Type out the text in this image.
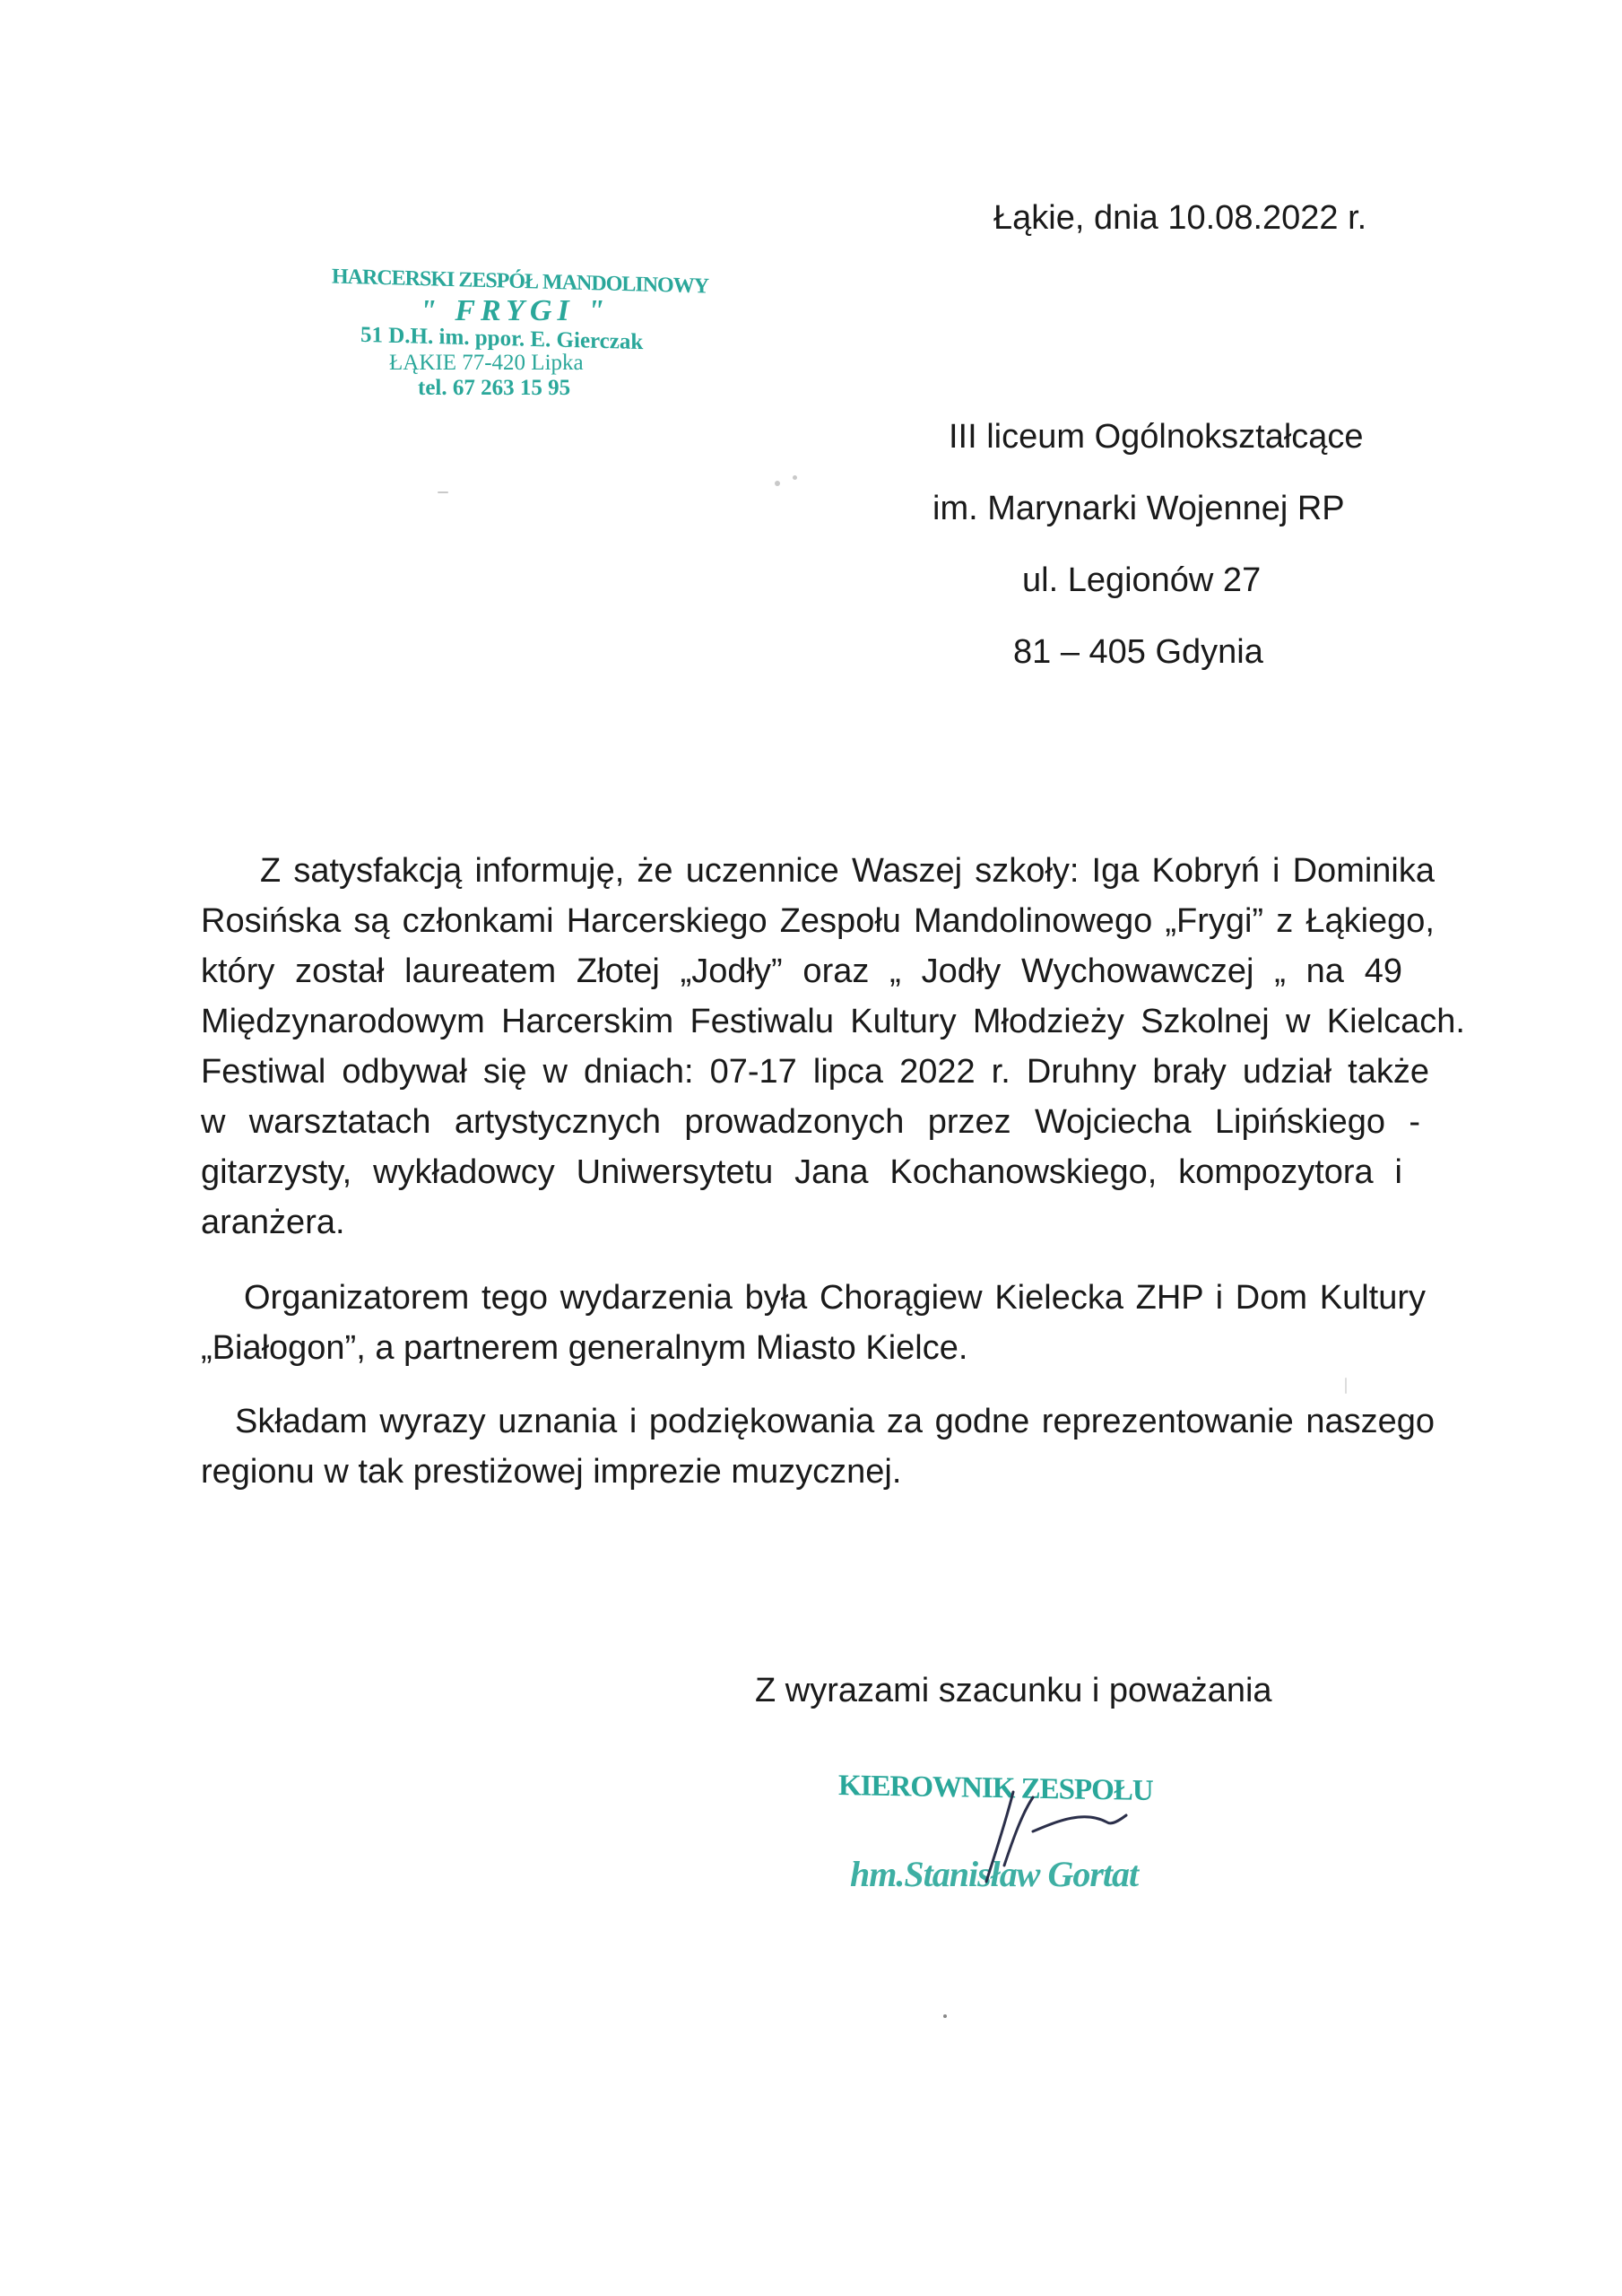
Łąkie, dnia 10.08.2022 r.
HARCERSKI ZESPÓŁ MANDOLINOWY
" FRYGI "
51 D.H. im. ppor. E. Gierczak
ŁĄKIE 77-420 Lipka
tel. 67 263 15 95
III liceum Ogólnokształcące
im. Marynarki Wojennej RP
ul. Legionów 27
81 – 405 Gdynia
Z satysfakcją informuję, że uczennice Waszej szkoły: Iga Kobryń i Dominika
Rosińska są członkami Harcerskiego Zespołu Mandolinowego „Frygi” z Łąkiego,
który został laureatem Złotej „Jodły” oraz „ Jodły Wychowawczej „ na 49
Międzynarodowym Harcerskim Festiwalu Kultury Młodzieży Szkolnej w Kielcach.
Festiwal odbywał się w dniach: 07-17 lipca 2022 r. Druhny brały udział także
w warsztatach artystycznych prowadzonych przez Wojciecha Lipińskiego -
gitarzysty, wykładowcy Uniwersytetu Jana Kochanowskiego, kompozytora i
aranżera.
Organizatorem tego wydarzenia była Chorągiew Kielecka ZHP i Dom Kultury
„Białogon”, a partnerem generalnym Miasto Kielce.
Składam wyrazy uznania i podziękowania za godne reprezentowanie naszego
regionu w tak prestiżowej imprezie muzycznej.
Z wyrazami szacunku i poważania
KIEROWNIK ZESPOŁU
hm.Stanisław Gortat
